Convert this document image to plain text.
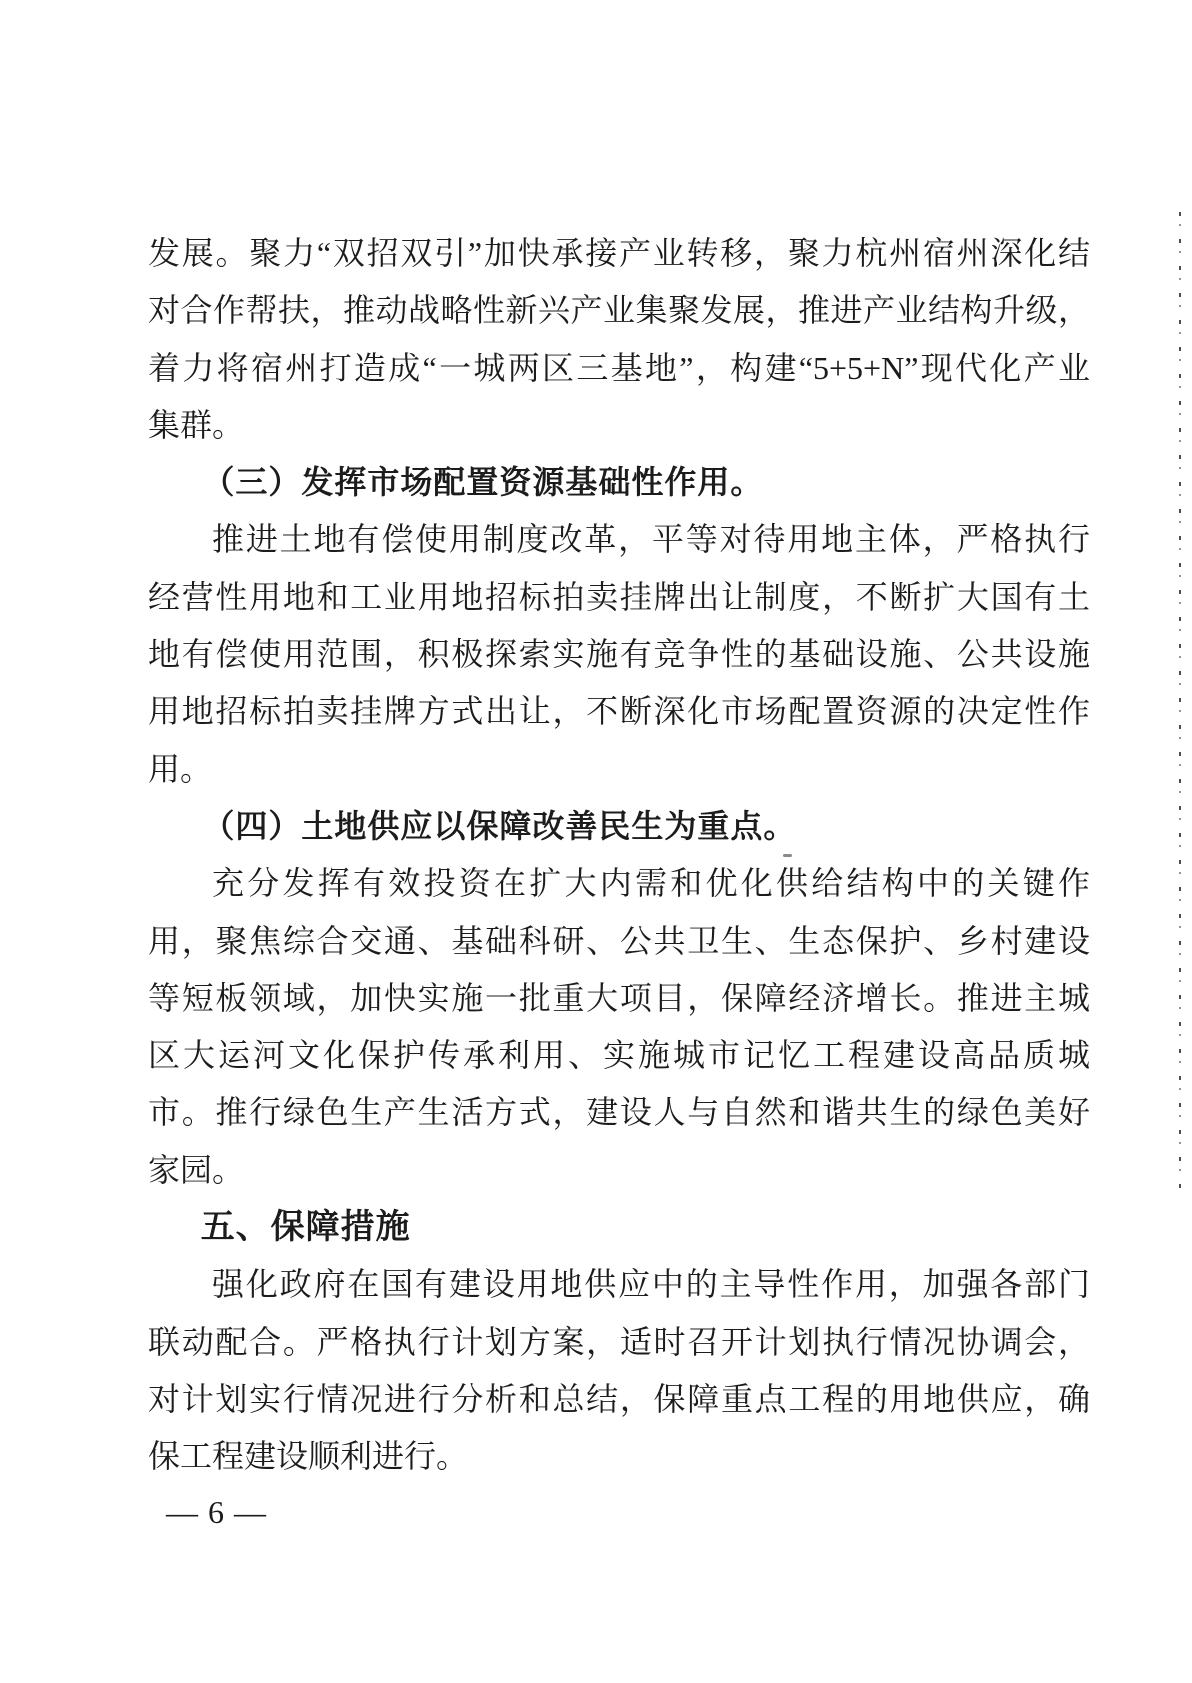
发展。聚力“双招双引”加快承接产业转移，聚力杭州宿州深化结

对合作帮扶，推动战略性新兴产业集聚发展，推进产业结构升级，

着力将宿州打造成“一城两区三基地”，构建“5+5+N”现代化产业

集群。

（三）发挥市场配置资源基础性作用。

推进土地有偿使用制度改革，平等对待用地主体，严格执行

经营性用地和工业用地招标拍卖挂牌出让制度，不断扩大国有土

地有偿使用范围，积极探索实施有竞争性的基础设施、公共设施

用地招标拍卖挂牌方式出让，不断深化市场配置资源的决定性作

用。

（四）土地供应以保障改善民生为重点。

充分发挥有效投资在扩大内需和优化供给结构中的关键作

用，聚焦综合交通、基础科研、公共卫生、生态保护、乡村建设

等短板领域，加快实施一批重大项目，保障经济增长。推进主城

区大运河文化保护传承利用、实施城市记忆工程建设高品质城

市。推行绿色生产生活方式，建设人与自然和谐共生的绿色美好

家园。

五、保障措施

强化政府在国有建设用地供应中的主导性作用，加强各部门

联动配合。严格执行计划方案，适时召开计划执行情况协调会，

对计划实行情况进行分析和总结，保障重点工程的用地供应，确

保工程建设顺利进行。

— 6 —
